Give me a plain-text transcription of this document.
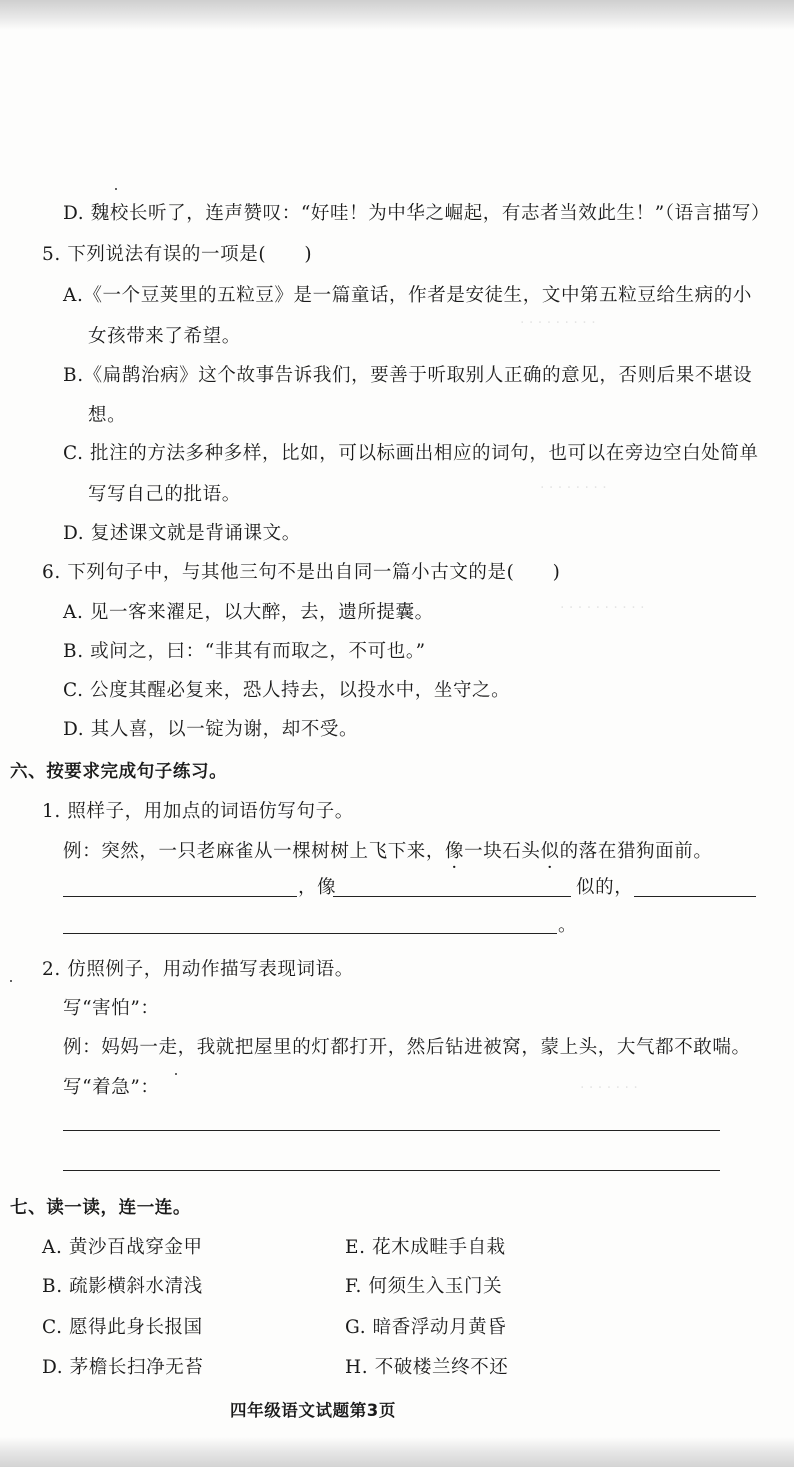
· · · · · · · · ·
· · · · · · · ·
· · · · · · · · · ·
· · · · · · ·
D. 魏校长听了，连声赞叹：“好哇！为中华之崛起，有志者当效此生！”（语言描写）
5. 下列说法有误的一项是(　　)
A.《一个豆荚里的五粒豆》是一篇童话，作者是安徒生，文中第五粒豆给生病的小
女孩带来了希望。
B.《扁鹊治病》这个故事告诉我们，要善于听取别人正确的意见，否则后果不堪设
想。
C. 批注的方法多种多样，比如，可以标画出相应的词句，也可以在旁边空白处简单
写写自己的批语。
D. 复述课文就是背诵课文。
6. 下列句子中，与其他三句不是出自同一篇小古文的是(　　)
A. 见一客来濯足，以大醉，去，遗所提囊。
B. 或问之，曰：“非其有而取之，不可也。”
C. 公度其醒必复来，恐人持去，以投水中，坐守之。
D. 其人喜，以一锭为谢，却不受。
六、按要求完成句子练习。
1. 照样子，用加点的词语仿写句子。
例：突然，一只老麻雀从一棵树树上飞下来，像一块石头似的落在猎狗面前。
，像	似的，
。
2. 仿照例子，用动作描写表现词语。
写“害怕”：
例：妈妈一走，我就把屋里的灯都打开，然后钻进被窝，蒙上头，大气都不敢喘。
写“着急”：
七、读一读，连一连。
A. 黄沙百战穿金甲
B. 疏影横斜水清浅
C. 愿得此身长报国
D. 茅檐长扫净无苔
E. 花木成畦手自栽
F. 何须生入玉门关
G. 暗香浮动月黄昏
H. 不破楼兰终不还
四年级语文试题第3页
